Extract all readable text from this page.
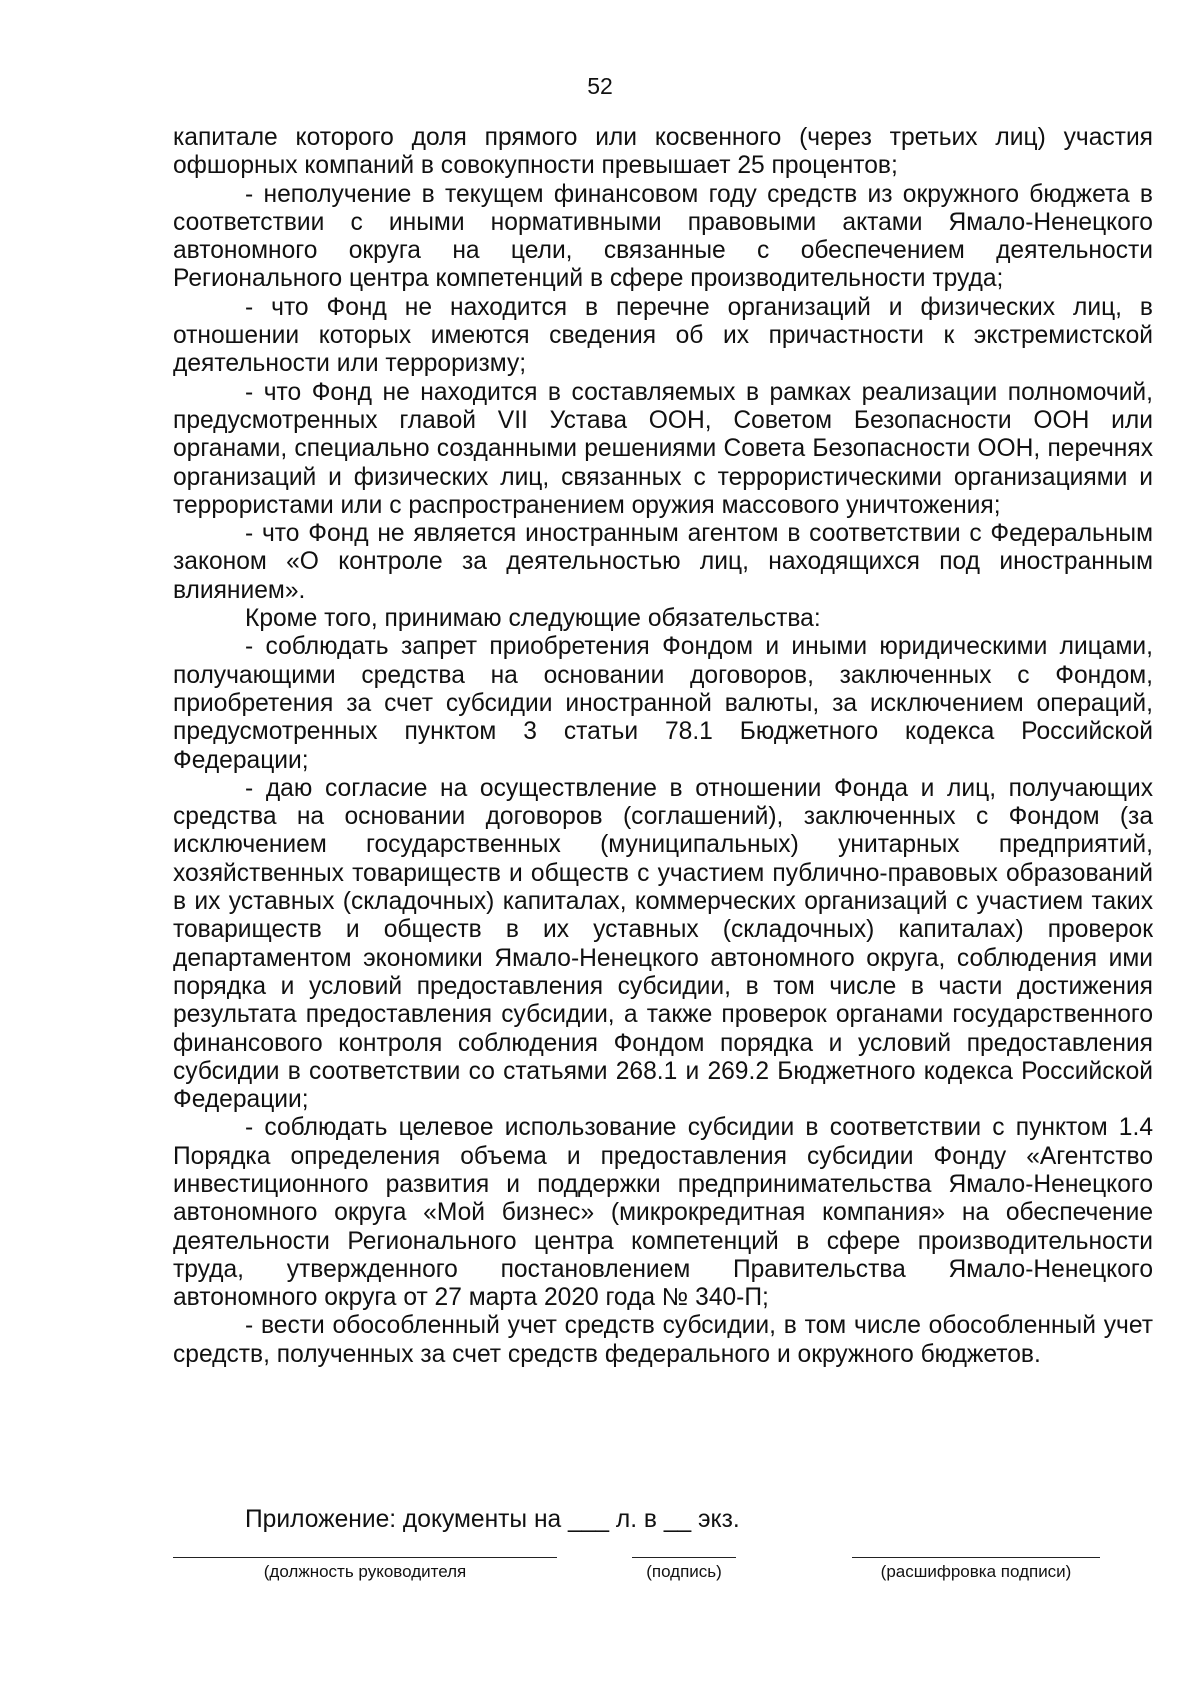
52

капитале которого доля прямого или косвенного (через третьих лиц) участия офшорных компаний в совокупности превышает 25 процентов;

- неполучение в текущем финансовом году средств из окружного бюджета в соответствии с иными нормативными правовыми актами Ямало-Ненецкого автономного округа на цели, связанные с обеспечением деятельности Регионального центра компетенций в сфере производительности труда;

- что Фонд не находится в перечне организаций и физических лиц, в отношении которых имеются сведения об их причастности к экстремистской деятельности или терроризму;

- что Фонд не находится в составляемых в рамках реализации полномочий, предусмотренных главой VII Устава ООН, Советом Безопасности ООН или органами, специально созданными решениями Совета Безопасности ООН, перечнях организаций и физических лиц, связанных с террористическими организациями и террористами или с распространением оружия массового уничтожения;

- что Фонд не является иностранным агентом в соответствии с Федеральным законом «О контроле за деятельностью лиц, находящихся под иностранным влиянием».

Кроме того, принимаю следующие обязательства:

- соблюдать запрет приобретения Фондом и иными юридическими лицами, получающими средства на основании договоров, заключенных с Фондом, приобретения за счет субсидии иностранной валюты, за исключением операций, предусмотренных пунктом 3 статьи 78.1 Бюджетного кодекса Российской Федерации;

- даю согласие на осуществление в отношении Фонда и лиц, получающих средства на основании договоров (соглашений), заключенных с Фондом (за исключением государственных (муниципальных) унитарных предприятий, хозяйственных товариществ и обществ с участием публично-правовых образований в их уставных (складочных) капиталах, коммерческих организаций с участием таких товариществ и обществ в их уставных (складочных) капиталах) проверок департаментом экономики Ямало-Ненецкого автономного округа, соблюдения ими порядка и условий предоставления субсидии, в том числе в части достижения результата предоставления субсидии, а также проверок органами государственного финансового контроля соблюдения Фондом порядка и условий предоставления субсидии в соответствии со статьями 268.1 и 269.2 Бюджетного кодекса Российской Федерации;

- соблюдать целевое использование субсидии в соответствии с пунктом 1.4 Порядка определения объема и предоставления субсидии Фонду «Агентство инвестиционного развития и поддержки предпринимательства Ямало-Ненецкого автономного округа «Мой бизнес» (микрокредитная компания» на обеспечение деятельности Регионального центра компетенций в сфере производительности труда, утвержденного постановлением Правительства Ямало-Ненецкого автономного округа от 27 марта 2020 года № 340-П;

- вести обособленный учет средств субсидии, в том числе обособленный учет средств, полученных за счет средств федерального и окружного бюджетов.

Приложение: документы на ___ л. в __ экз.
(должность руководителя	(подпись)	(расшифровка подписи)
